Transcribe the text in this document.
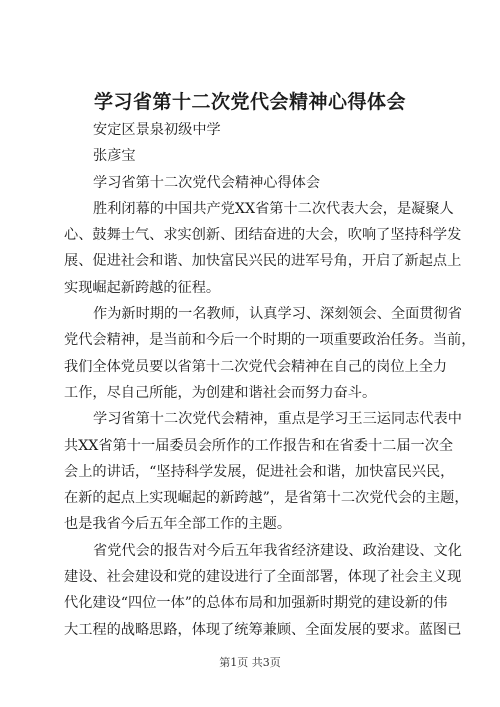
学习省第十二次党代会精神心得体会

安定区景泉初级中学

张彦宝

学习省第十二次党代会精神心得体会

胜利闭幕的中国共产党XX省第十二次代表大会，是凝聚人

心、鼓舞士气、求实创新、团结奋进的大会，吹响了坚持科学发

展、促进社会和谐、加快富民兴民的进军号角，开启了新起点上

实现崛起新跨越的征程。

作为新时期的一名教师，认真学习、深刻领会、全面贯彻省

党代会精神，是当前和今后一个时期的一项重要政治任务。当前，

我们全体党员要以省第十二次党代会精神在自己的岗位上全力

工作，尽自己所能，为创建和谐社会而努力奋斗。

学习省第十二次党代会精神，重点是学习王三运同志代表中

共XX省第十一届委员会所作的工作报告和在省委十二届一次全

会上的讲话，“坚持科学发展，促进社会和谐，加快富民兴民，

在新的起点上实现崛起的新跨越”，是省第十二次党代会的主题，

也是我省今后五年全部工作的主题。

省党代会的报告对今后五年我省经济建设、政治建设、文化

建设、社会建设和党的建设进行了全面部署，体现了社会主义现

代化建设“四位一体”的总体布局和加强新时期党的建设新的伟

大工程的战略思路，体现了统筹兼顾、全面发展的要求。蓝图已

第1页 共3页
